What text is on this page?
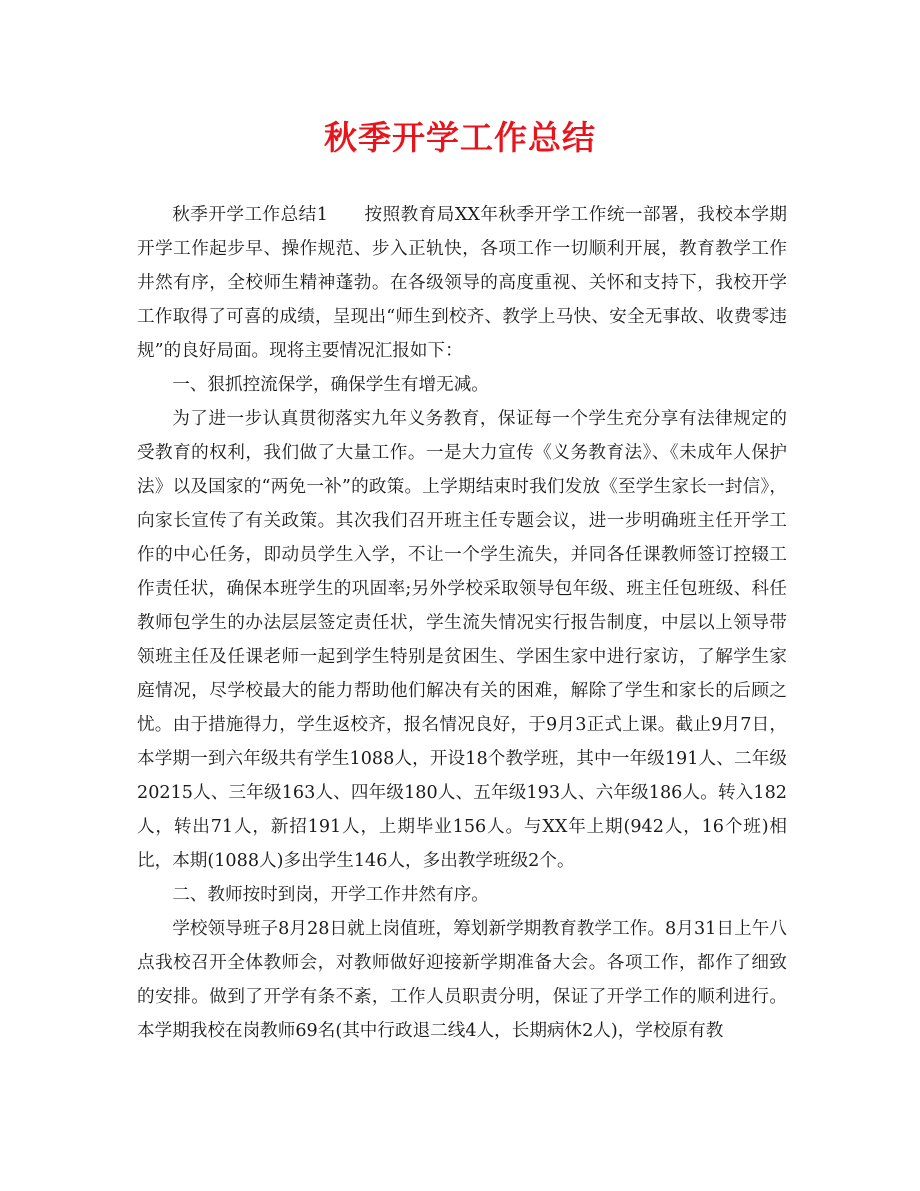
秋季开学工作总结

秋季开学工作总结1　　按照教育局XX年秋季开学工作统一部署，我校本学期开学工作起步早、操作规范、步入正轨快，各项工作一切顺利开展，教育教学工作井然有序，全校师生精神蓬勃。在各级领导的高度重视、关怀和支持下，我校开学工作取得了可喜的成绩，呈现出“师生到校齐、教学上马快、安全无事故、收费零违规”的良好局面。现将主要情况汇报如下：

一、狠抓控流保学，确保学生有增无减。

为了进一步认真贯彻落实九年义务教育，保证每一个学生充分享有法律规定的受教育的权利，我们做了大量工作。一是大力宣传《义务教育法》、《未成年人保护法》以及国家的“两免一补”的政策。上学期结束时我们发放《至学生家长一封信》，向家长宣传了有关政策。其次我们召开班主任专题会议，进一步明确班主任开学工作的中心任务，即动员学生入学，不让一个学生流失，并同各任课教师签订控辍工作责任状，确保本班学生的巩固率;另外学校采取领导包年级、班主任包班级、科任教师包学生的办法层层签定责任状，学生流失情况实行报告制度，中层以上领导带领班主任及任课老师一起到学生特别是贫困生、学困生家中进行家访，了解学生家庭情况，尽学校最大的能力帮助他们解决有关的困难，解除了学生和家长的后顾之忧。由于措施得力，学生返校齐，报名情况良好，于9月3正式上课。截止9月7日，本学期一到六年级共有学生1088人，开设18个教学班，其中一年级191人、二年级20215人、三年级163人、四年级180人、五年级193人、六年级186人。转入182人，转出71人，新招191人，上期毕业156人。与XX年上期(942人，16个班)相比，本期(1088人)多出学生146人，多出教学班级2个。

二、教师按时到岗，开学工作井然有序。

学校领导班子8月28日就上岗值班，筹划新学期教育教学工作。8月31日上午八点我校召开全体教师会，对教师做好迎接新学期准备大会。各项工作，都作了细致的安排。做到了开学有条不紊，工作人员职责分明，保证了开学工作的顺利进行。本学期我校在岗教师69名(其中行政退二线4人，长期病休2人)，学校原有教
